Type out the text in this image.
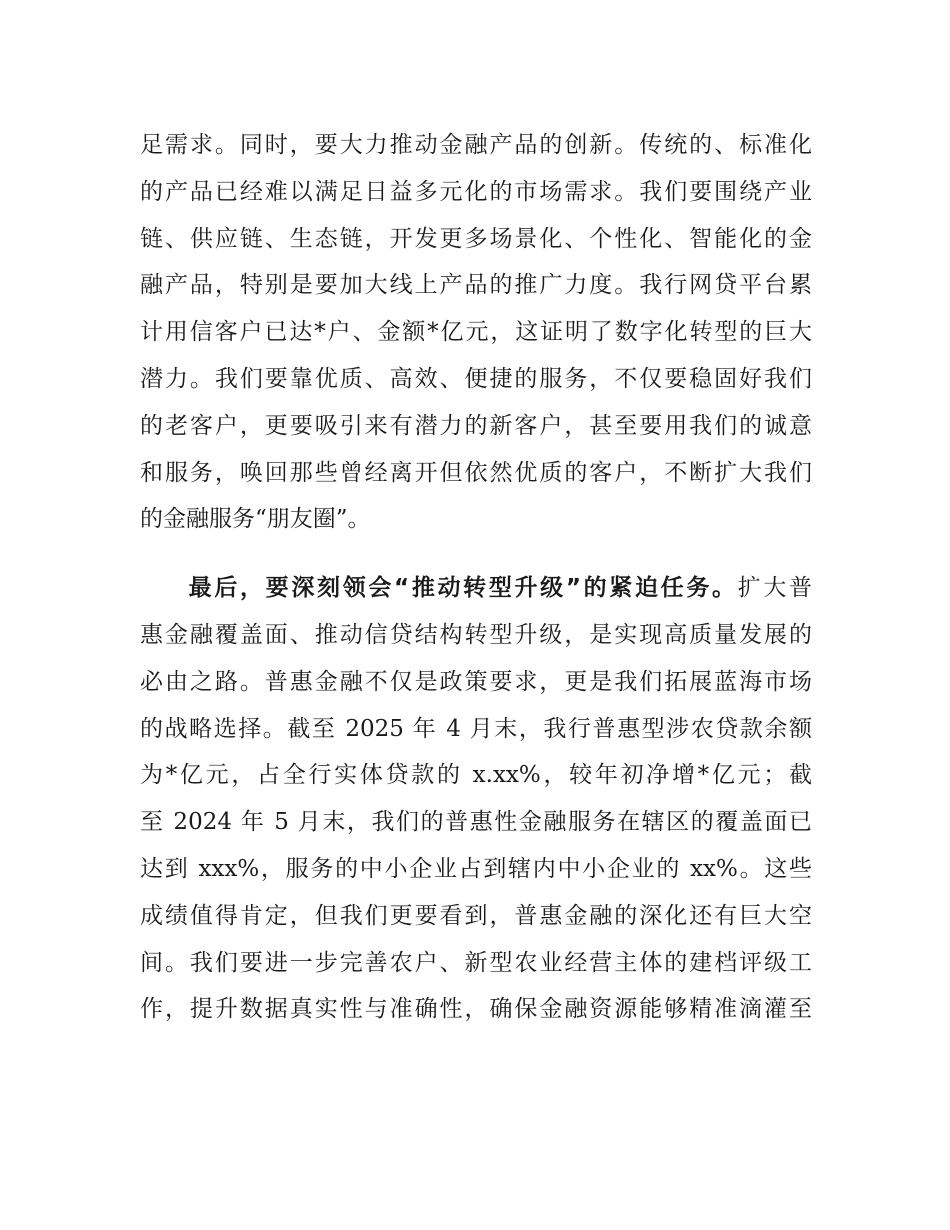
足需求。同时，要大力推动金融产品的创新。传统的、标准化
的产品已经难以满足日益多元化的市场需求。我们要围绕产业
链、供应链、生态链，开发更多场景化、个性化、智能化的金
融产品，特别是要加大线上产品的推广力度。我行网贷平台累
计用信客户已达*户、金额*亿元，这证明了数字化转型的巨大
潜力。我们要靠优质、高效、便捷的服务，不仅要稳固好我们
的老客户，更要吸引来有潜力的新客户，甚至要用我们的诚意
和服务，唤回那些曾经离开但依然优质的客户，不断扩大我们
的金融服务“朋友圈”。
最后，要深刻领会“推动转型升级”的紧迫任务。扩大普
惠金融覆盖面、推动信贷结构转型升级，是实现高质量发展的
必由之路。普惠金融不仅是政策要求，更是我们拓展蓝海市场
的战略选择。截至 2025 年 4 月末，我行普惠型涉农贷款余额
为*亿元，占全行实体贷款的 x.xx%，较年初净增*亿元；截
至 2024 年 5 月末，我们的普惠性金融服务在辖区的覆盖面已
达到 xxx%，服务的中小企业占到辖内中小企业的 xx%。这些
成绩值得肯定，但我们更要看到，普惠金融的深化还有巨大空
间。我们要进一步完善农户、新型农业经营主体的建档评级工
作，提升数据真实性与准确性，确保金融资源能够精准滴灌至
